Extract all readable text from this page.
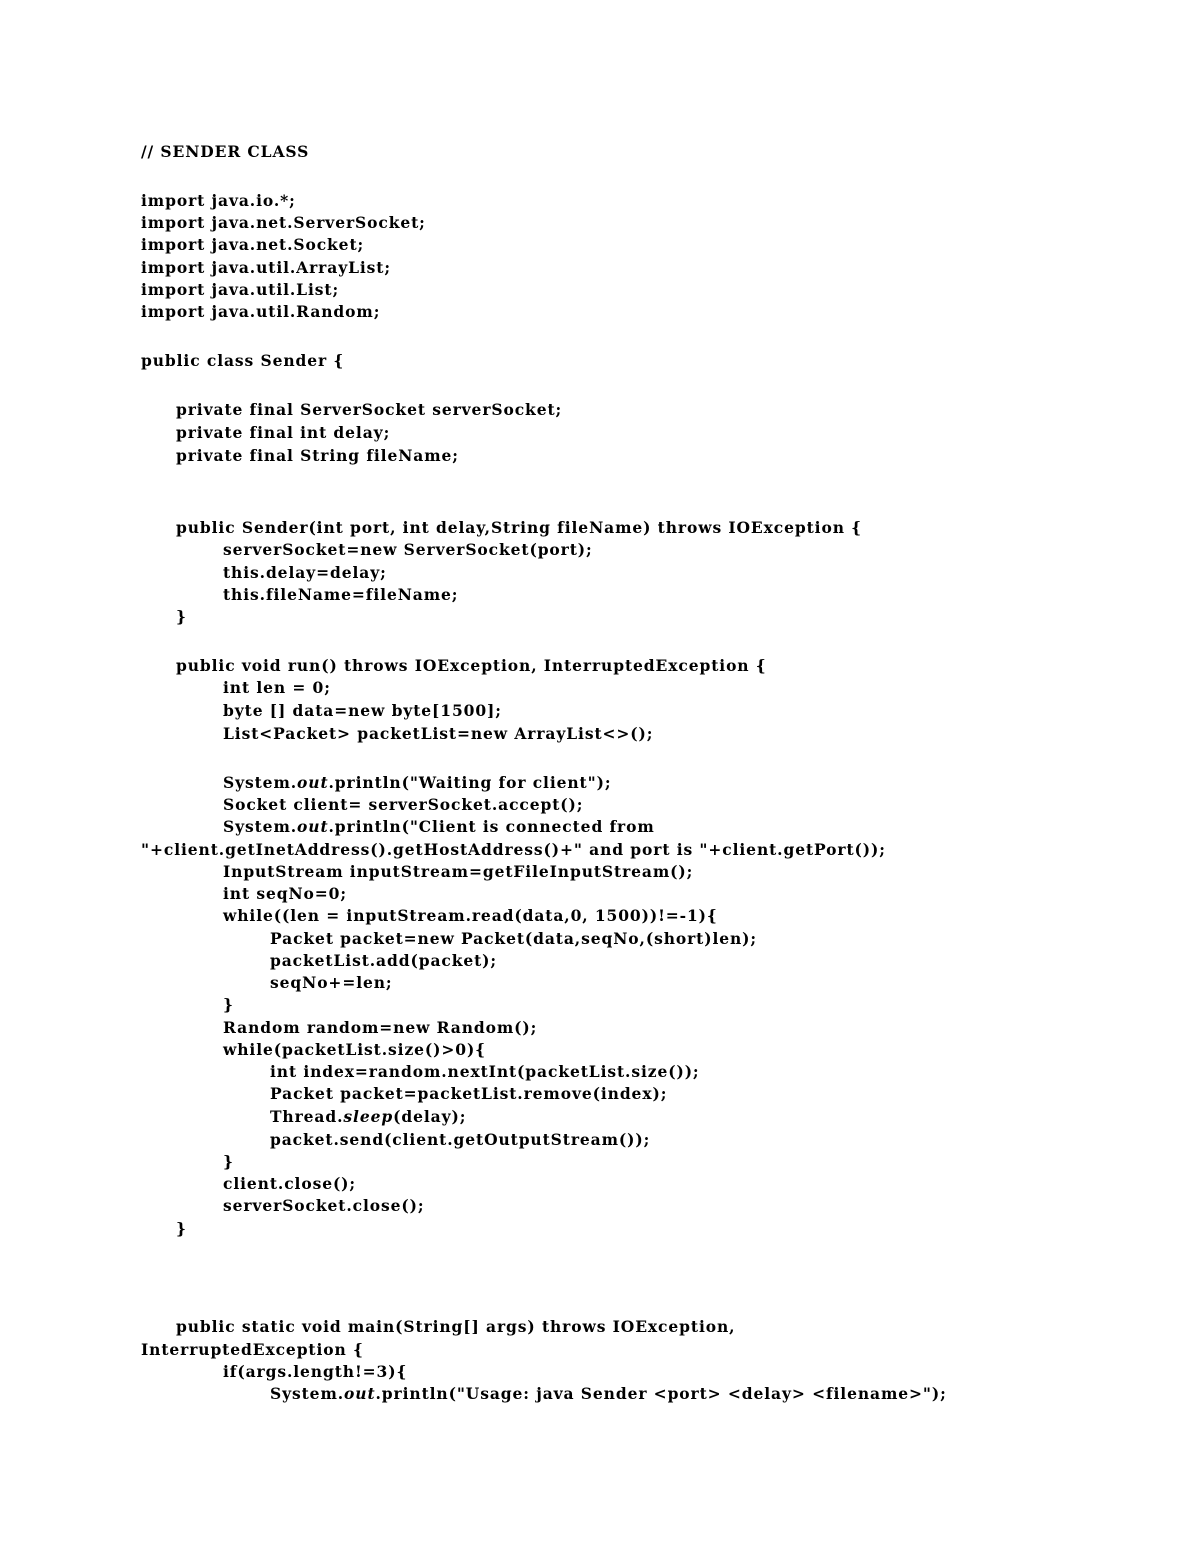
// SENDER CLASS

import java.io.*;

import java.net.ServerSocket;

import java.net.Socket;

import java.util.ArrayList;

import java.util.List;

import java.util.Random;

public class Sender {

private final ServerSocket serverSocket;

private final int delay;

private final String fileName;

public Sender(int port, int delay,String fileName) throws IOException {

serverSocket=new ServerSocket(port);

this.delay=delay;

this.fileName=fileName;

}

public void run() throws IOException, InterruptedException {

int len = 0;

byte [] data=new byte[1500];

List<Packet> packetList=new ArrayList<>();

System.out.println("Waiting for client");

Socket client= serverSocket.accept();

System.out.println("Client is connected from

"+client.getInetAddress().getHostAddress()+" and port is "+client.getPort());

InputStream inputStream=getFileInputStream();

int seqNo=0;

while((len = inputStream.read(data,0, 1500))!=-1){

Packet packet=new Packet(data,seqNo,(short)len);

packetList.add(packet);

seqNo+=len;

}

Random random=new Random();

while(packetList.size()>0){

int index=random.nextInt(packetList.size());

Packet packet=packetList.remove(index);

Thread.sleep(delay);

packet.send(client.getOutputStream());

}

client.close();

serverSocket.close();

}

public static void main(String[] args) throws IOException,

InterruptedException {

if(args.length!=3){

System.out.println("Usage: java Sender <port> <delay> <filename>");
